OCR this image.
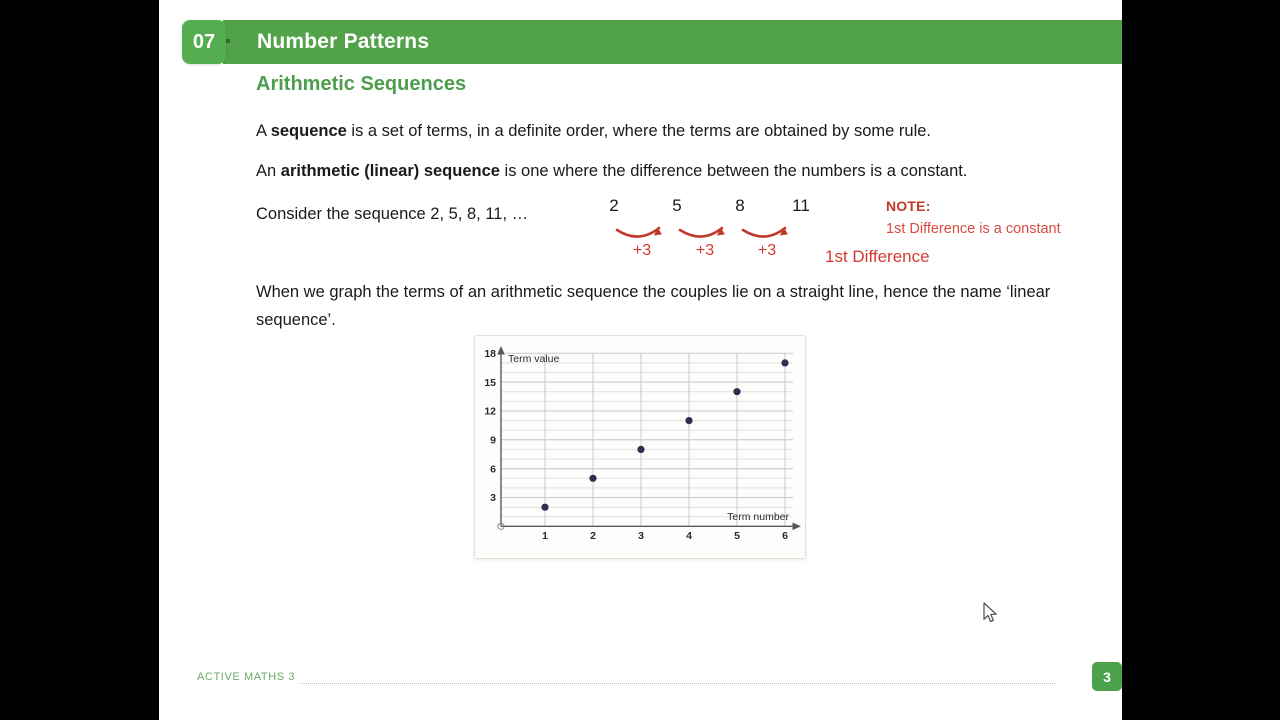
Number Patterns
07
Arithmetic Sequences
A sequence is a set of terms, in a definite order, where the terms are obtained by some rule.
An arithmetic (linear) sequence is one where the difference between the numbers is a constant.
Consider the sequence 2, 5, 8, 11, …
When we graph the terms of an arithmetic sequence the couples lie on a straight line, hence the name ‘linear sequence’.
2	5	8	11
+3	+3	+3	1st Difference
NOTE:
1st Difference is a constant
18
15
12
9
6
3
1	2	3	4	5	6
Term value
Term number
ACTIVE MATHS 3	3
